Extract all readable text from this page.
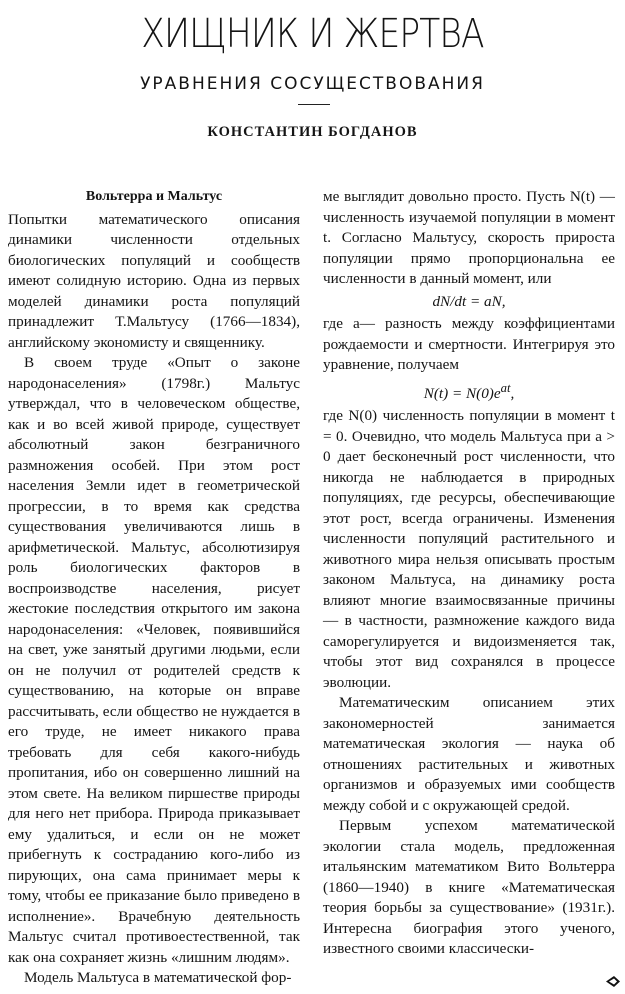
ХИЩНИК И ЖЕРТВА
УРАВНЕНИЯ СОСУЩЕСТВОВАНИЯ
КОНСТАНТИН БОГДАНОВ
Вольтерра и Мальтус

Попытки математического описания динамики численности отдельных биологических популяций и сообществ имеют солидную историю. Одна из первых моделей динамики роста популяций принадлежит Т.Мальтусу (1766—1834), английскому экономисту и священнику.

В своем труде «Опыт о законе народонаселения» (1798г.) Мальтус утверждал, что в человеческом обществе, как и во всей живой природе, существует абсолютный закон безграничного размножения особей. При этом рост населения Земли идет в геометрической прогрессии, в то время как средства существования увеличиваются лишь в арифметической. Мальтус, абсолютизируя роль биологических факторов в воспроизводстве населения, рисует жестокие последствия открытого им закона народонаселения: «Человек, появившийся на свет, уже занятый другими людьми, если он не получил от родителей средств к существованию, на которые он вправе рассчитывать, если общество не нуждается в его труде, не имеет никакого права требовать для себя какого-нибудь пропитания, ибо он совершенно лишний на этом свете. На великом пиршестве природы для него нет прибора. Природа приказывает ему удалиться, и если он не может прибегнуть к состраданию кого-либо из пирующих, она сама принимает меры к тому, чтобы ее приказание было приведено в исполнение». Врачебную деятельность Мальтус считал противоестественной, так как она сохраняет жизнь «лишним людям».

Модель Мальтуса в математической фор-

ме выглядит довольно просто. Пусть N(t) — численность изучаемой популяции в момент t. Согласно Мальтусу, скорость прироста популяции прямо пропорциональна ее численности в данный момент, или

dN/dt = aN,

где a— разность между коэффициентами рождаемости и смертности. Интегрируя это уравнение, получаем

$N(t) = N(0)e^{at}$,

где N(0) численность популяции в момент t = 0. Очевидно, что модель Мальтуса при a > 0 дает бесконечный рост численности, что никогда не наблюдается в природных популяциях, где ресурсы, обеспечивающие этот рост, всегда ограничены. Изменения численности популяций растительного и животного мира нельзя описывать простым законом Мальтуса, на динамику роста влияют многие взаимосвязанные причины — в частности, размножение каждого вида саморегулируется и видоизменяется так, чтобы этот вид сохранялся в процессе эволюции.

Математическим описанием этих закономерностей занимается математическая экология — наука об отношениях растительных и животных организмов и образуемых ими сообществ между собой и с окружающей средой.

Первым успехом математической экологии стала модель, предложенная итальянским математиком Вито Вольтерра (1860—1940) в книге «Математическая теория борьбы за существование» (1931г.). Интересна биография этого ученого, известного своими классически-
